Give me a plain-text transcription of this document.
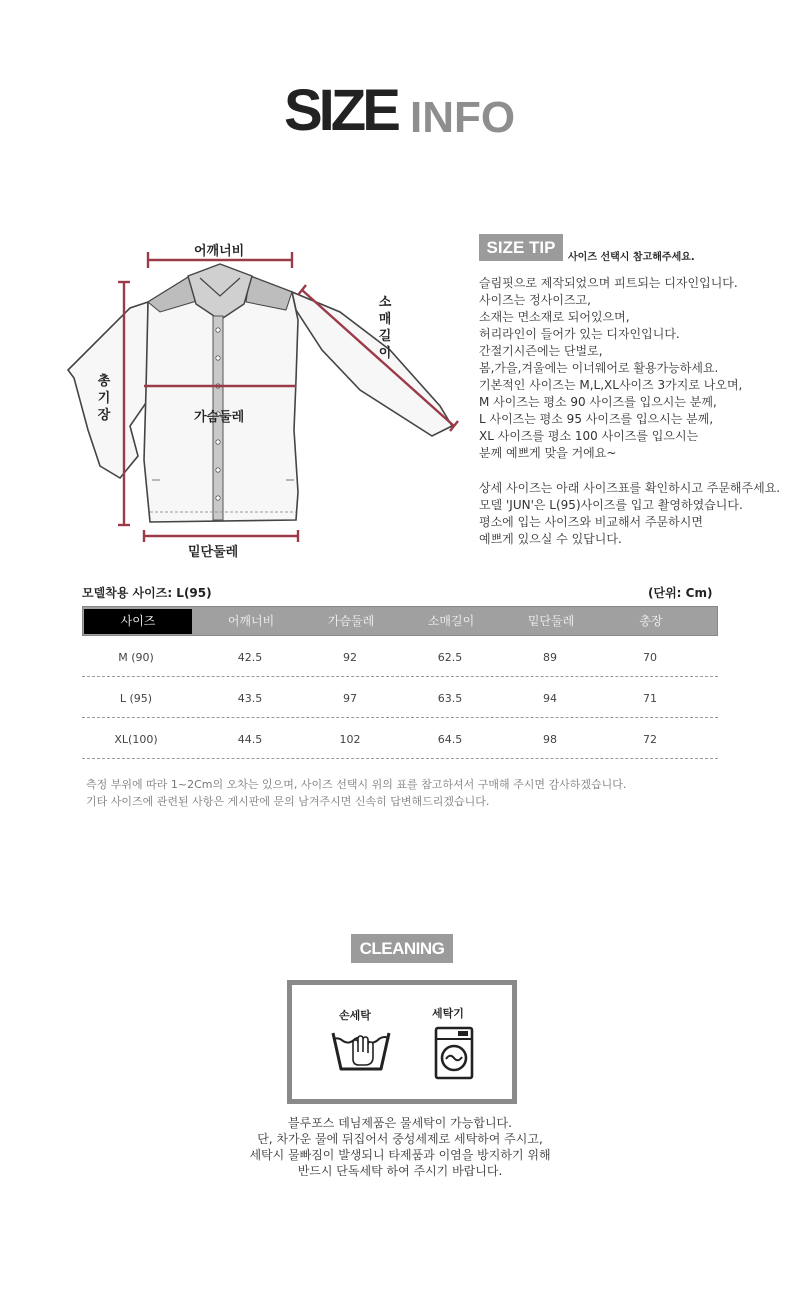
SIZE INFO
어깨너비
소매길이
총기장	가슴둘레
밑단둘레
SIZE TIP
사이즈 선택시 참고해주세요.
슬림핏으로 제작되었으며 피트되는 디자인입니다.
사이즈는 정사이즈고,
소재는 면소재로 되어있으며,
허리라인이 들어가 있는 디자인입니다.
간절기시즌에는 단벌로,
봄,가을,겨울에는 이너웨어로 활용가능하세요.
기본적인 사이즈는 M,L,XL사이즈 3가지로 나오며,
M 사이즈는 평소 90 사이즈를 입으시는 분께,
L 사이즈는 평소 95 사이즈를 입으시는 분께,
XL 사이즈를 평소 100 사이즈를 입으시는
분께 예쁘게 맞을 거에요~
상세 사이즈는 아래 사이즈표를 확인하시고 주문해주세요.
모델 'JUN'은 L(95)사이즈를 입고 촬영하였습니다.
평소에 입는 사이즈와 비교해서 주문하시면
예쁘게 있으실 수 있답니다.
모델착용 사이즈: L(95)	(단위: Cm)
사이즈	어깨너비	가슴둘레	소매길이	밑단둘레	총장
M (90)	42.5	92	62.5	89	70
L (95)	43.5	97	63.5	94	71
XL(100)	44.5	102	64.5	98	72
측정 부위에 따라 1~2Cm의 오차는 있으며, 사이즈 선택시 위의 표를 참고하셔서 구매해 주시면 감사하겠습니다.
기타 사이즈에 관련된 사항은 게시판에 문의 남겨주시면 신속히 답변해드리겠습니다.
CLEANING
손세탁	세탁기
블루포스 데님제품은 물세탁이 가능합니다.
단, 차가운 물에 뒤집어서 중성세제로 세탁하여 주시고,
세탁시 물빠짐이 발생되니 타제품과 이염을 방지하기 위해
반드시 단독세탁 하여 주시기 바랍니다.
